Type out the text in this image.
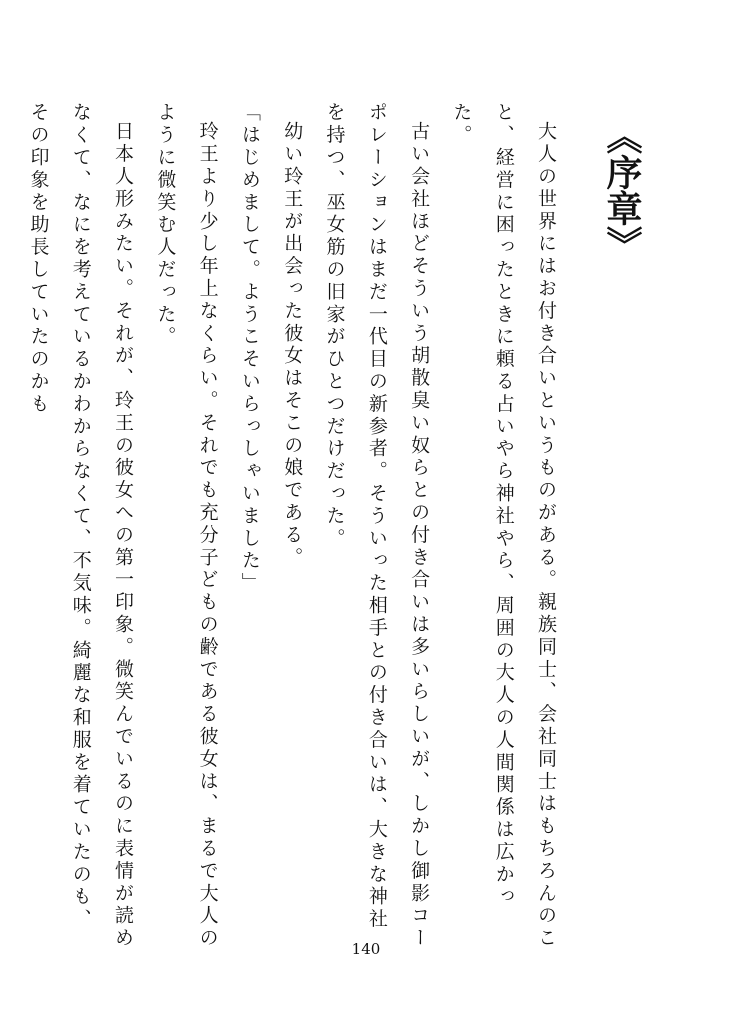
《序章》

大人の世界にはお付き合いというものがある。親族同士、会社同士はもちろんのこと、経営に困ったときに頼る占いやら神社やら、周囲の大人の人間関係は広かった。

古い会社ほどそういう胡散臭い奴らとの付き合いは多いらしいが、しかし御影コーポレーションはまだ一代目の新参者。そういった相手との付き合いは、大きな神社を持つ、巫女筋の旧家がひとつだけだった。

幼い玲王が出会った彼女はそこの娘である。

「はじめまして。ようこそいらっしゃいました」

玲王より少し年上なくらい。それでも充分子どもの齢である彼女は、まるで大人のように微笑む人だった。

日本人形みたい。それが、玲王の彼女への第一印象。微笑んでいるのに表情が読めなくて、なにを考えているかわからなくて、不気味。綺麗な和服を着ていたのも、その印象を助長していたのかも

140
